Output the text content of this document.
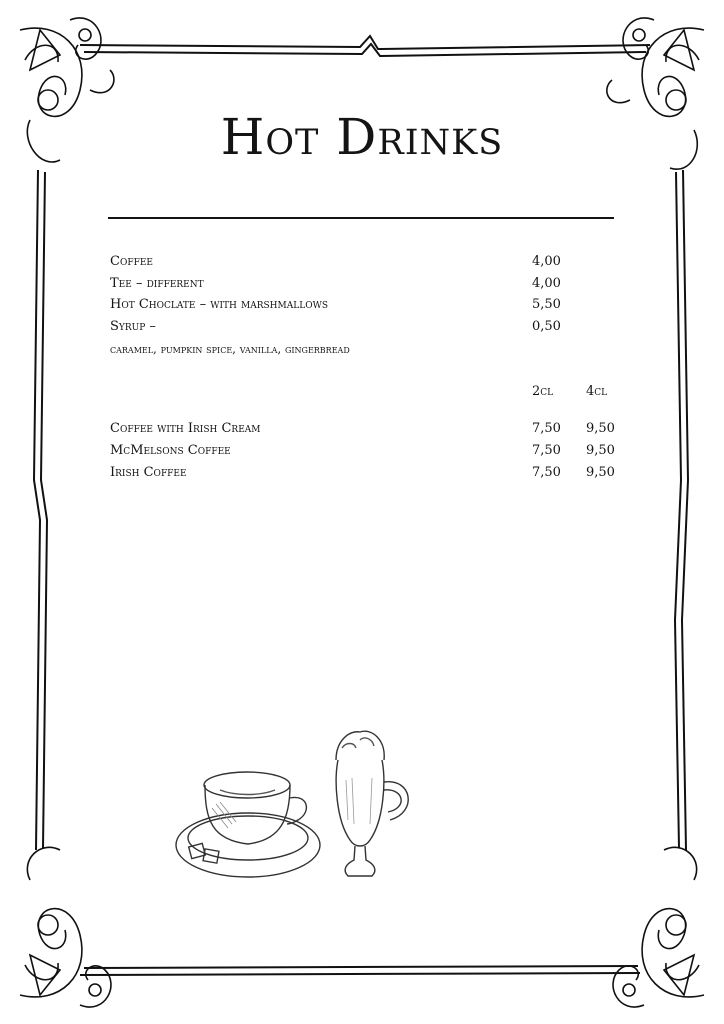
Hot Drinks
Coffee	4,00
Tee – different	4,00
Hot Choclate – with marshmallows	5,50
Syrup –	0,50
caramel, pumpkin spice, vanilla, gingerbread
2cl	4cl
Coffee with Irish Cream	7,50 9,50
McMelsons Coffee	7,50 9,50
Irish Coffee	7,50 9,50
